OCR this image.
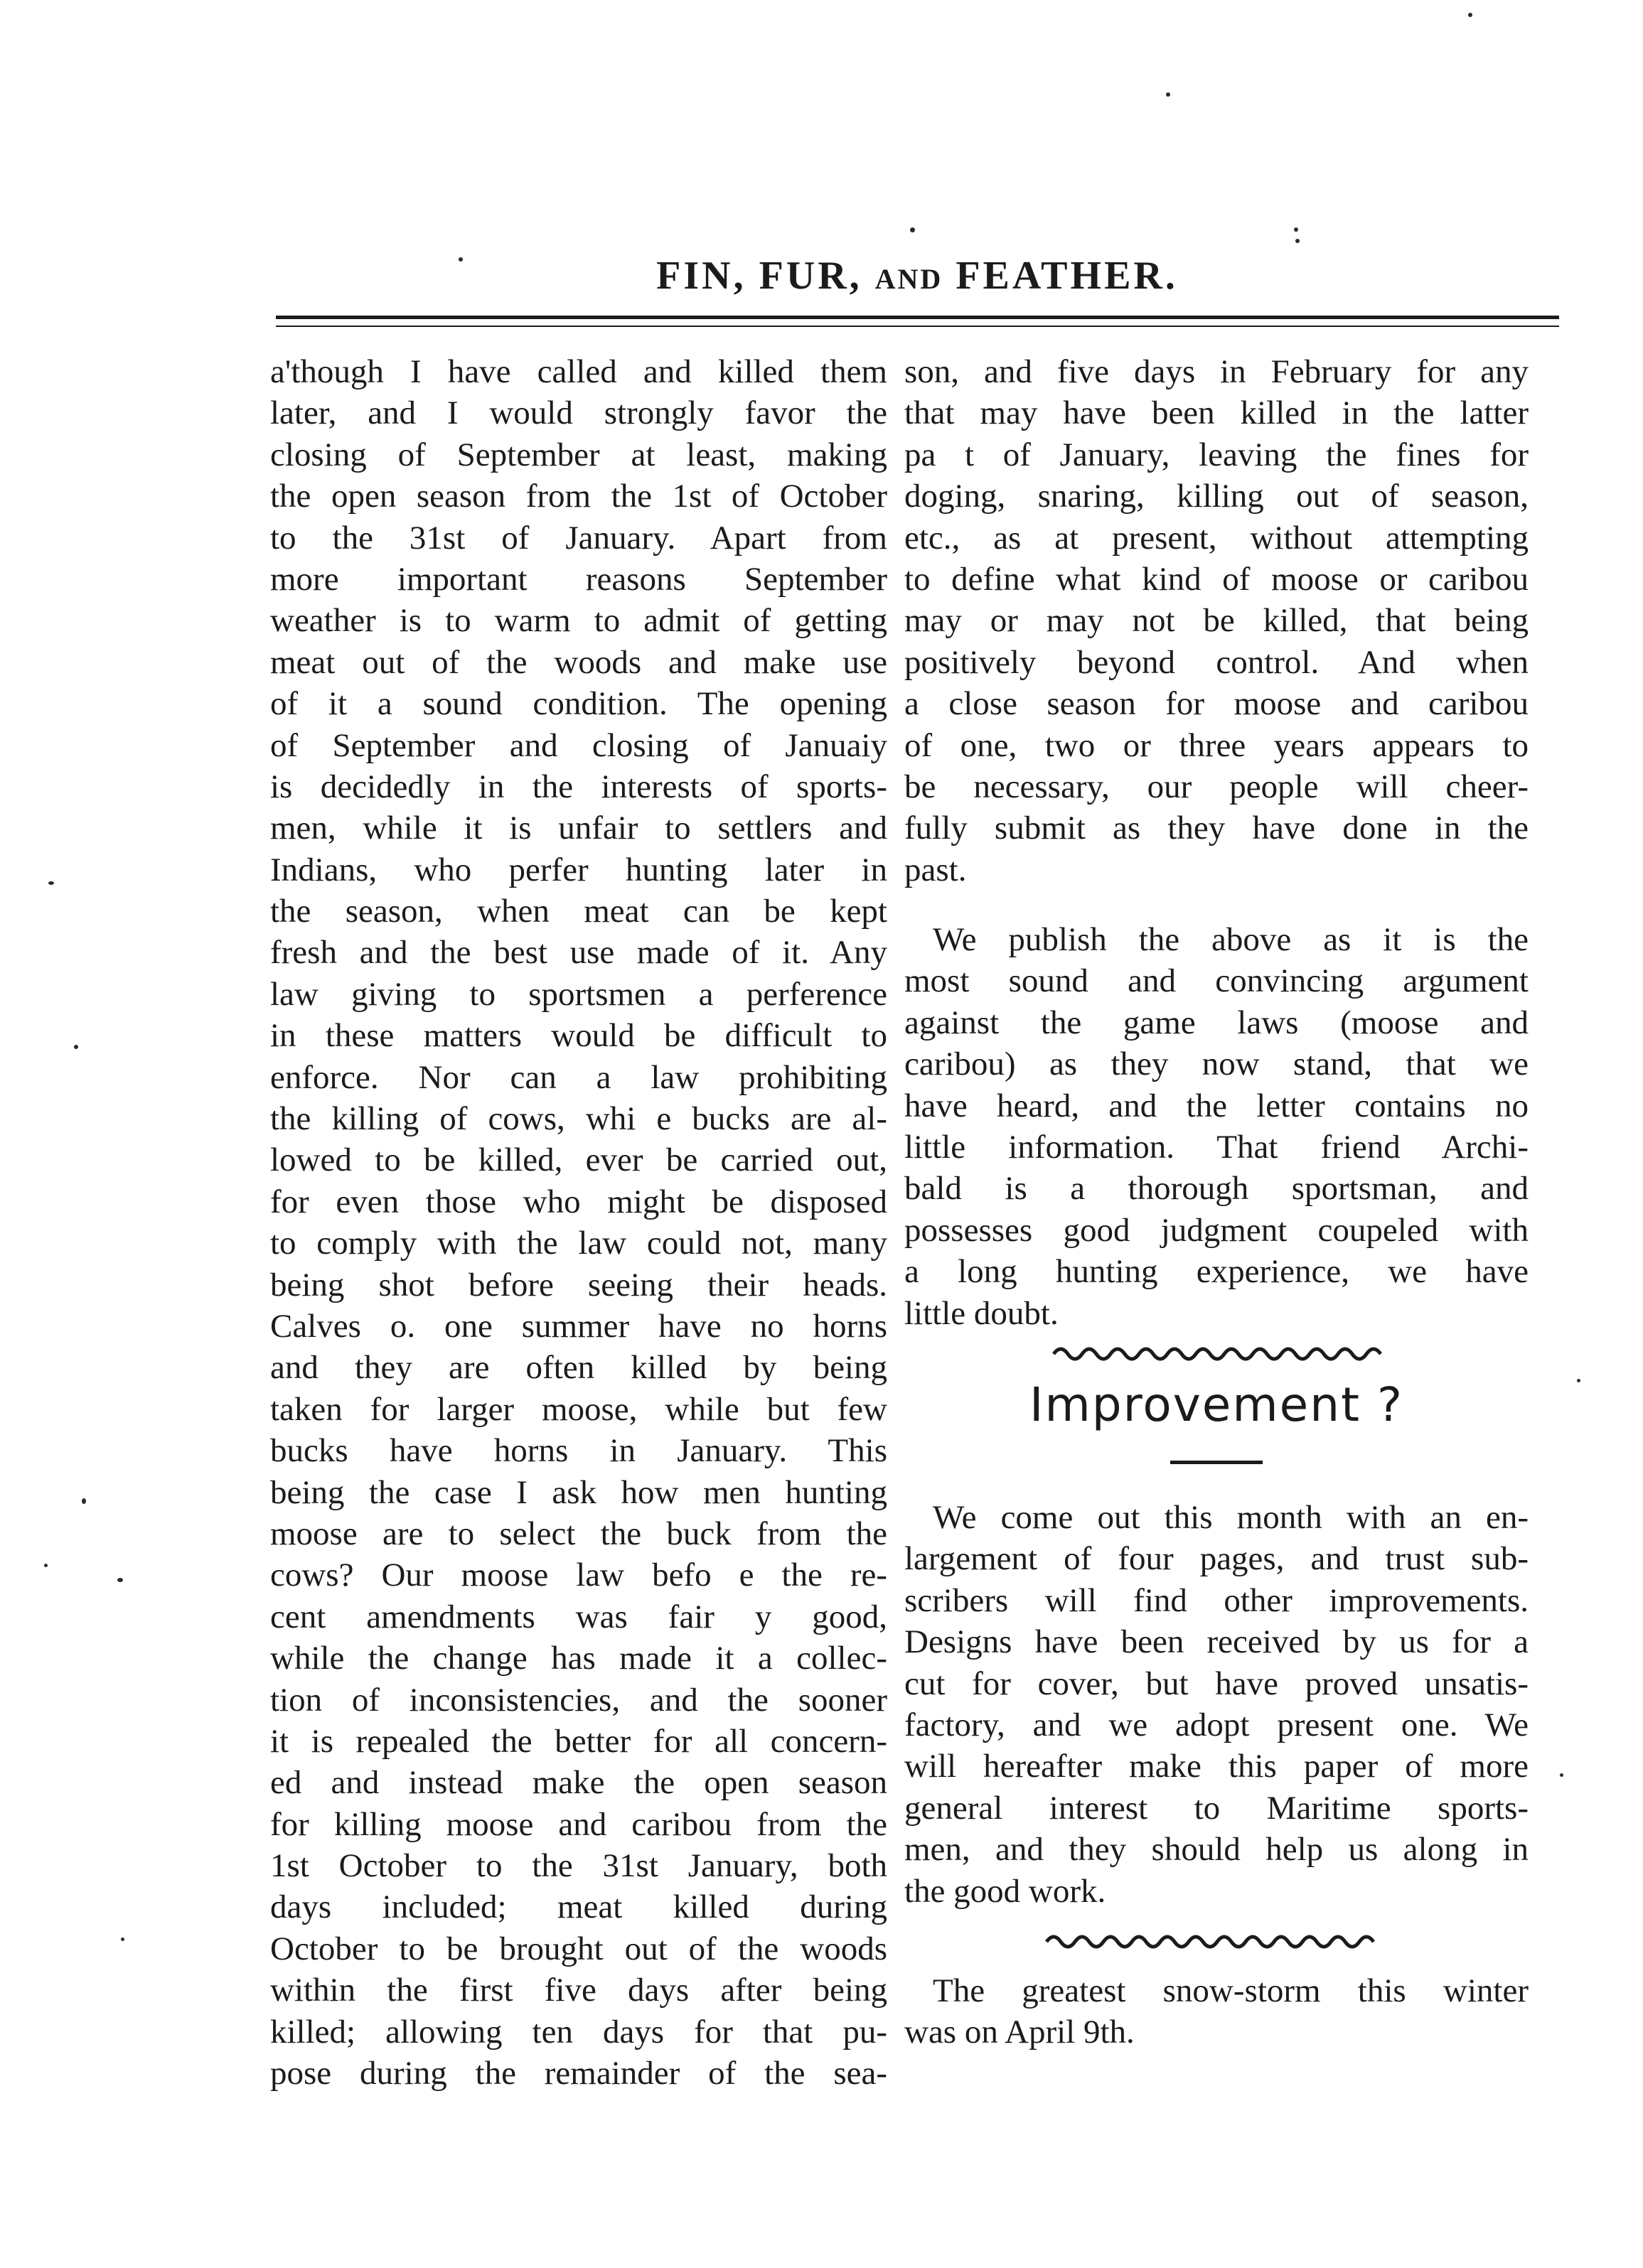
FIN, FUR, AND FEATHER.
a'though I have called and killed them
later, and I would strongly favor the
closing of September at least, making
the open season from the 1st of October
to the 31st of January. Apart from
more important reasons September
weather is to warm to admit of getting
meat out of the woods and make use
of it a sound condition. The opening
of September and closing of Januaiy
is decidedly in the interests of sports-
men, while it is unfair to settlers and
Indians, who perfer hunting later in
the season, when meat can be kept
fresh and the best use made of it. Any
law giving to sportsmen a perference
in these matters would be difficult to
enforce. Nor can a law prohibiting
the killing of cows, whi e bucks are al-
lowed to be killed, ever be carried out,
for even those who might be disposed
to comply with the law could not, many
being shot before seeing their heads.
Calves o. one summer have no horns
and they are often killed by being
taken for larger moose, while but few
bucks have horns in January. This
being the case I ask how men hunting
moose are to select the buck from the
cows? Our moose law befo e the re-
cent amendments was fair y good,
while the change has made it a collec-
tion of inconsistencies, and the sooner
it is repealed the better for all concern-
ed and instead make the open season
for killing moose and caribou from the
1st October to the 31st January, both
days included; meat killed during
October to be brought out of the woods
within the first five days after being
killed; allowing ten days for that pu-
pose during the remainder of the sea-
son, and five days in February for any
that may have been killed in the latter
pa t of January, leaving the fines for
doging, snaring, killing out of season,
etc., as at present, without attempting
to define what kind of moose or caribou
may or may not be killed, that being
positively beyond control. And when
a close season for moose and caribou
of one, two or three years appears to
be necessary, our people will cheer-
fully submit as they have done in the
past.
We publish the above as it is the
most sound and convincing argument
against the game laws (moose and
caribou) as they now stand, that we
have heard, and the letter contains no
little information. That friend Archi-
bald is a thorough sportsman, and
possesses good judgment coupeled with
a long hunting experience, we have
little doubt.
Improvement ?
We come out this month with an en-
largement of four pages, and trust sub-
scribers will find other improvements.
Designs have been received by us for a
cut for cover, but have proved unsatis-
factory, and we adopt present one. We
will hereafter make this paper of more
general interest to Maritime sports-
men, and they should help us along in
the good work.
The greatest snow-storm this winter
was on April 9th.
